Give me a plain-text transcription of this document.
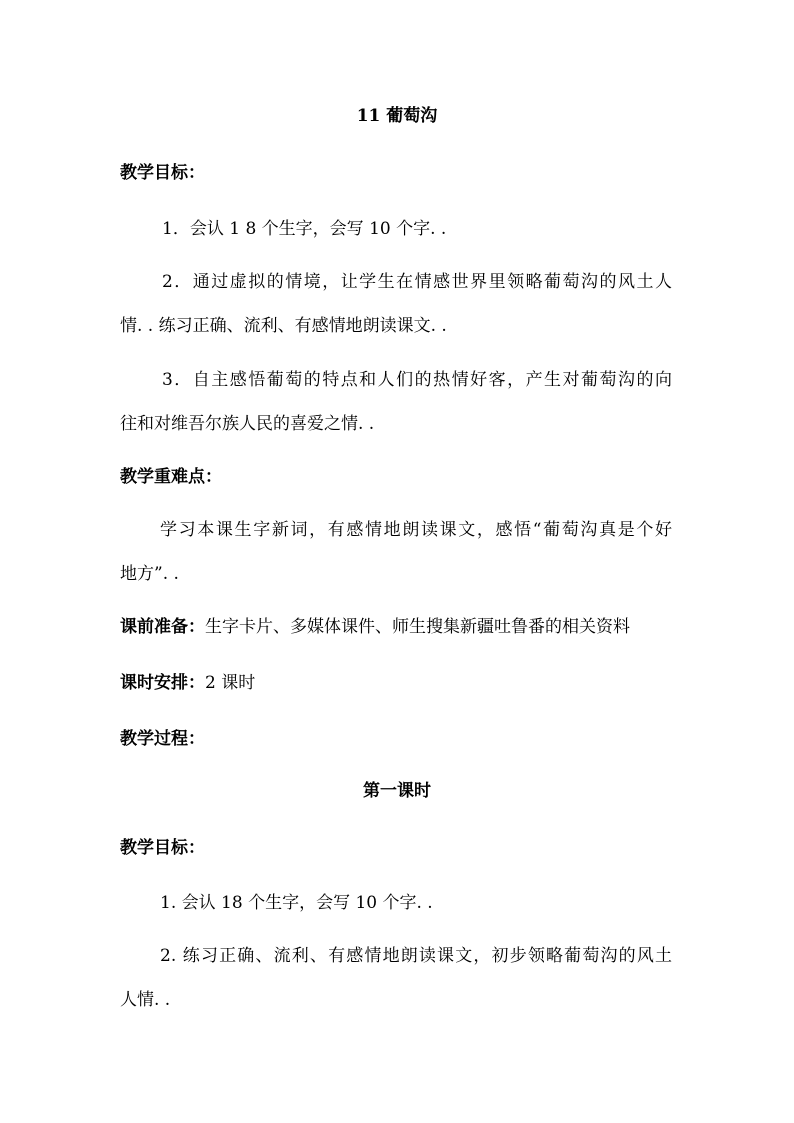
11 葡萄沟
教学目标：
1．会认 1 8 个生字，会写 10 个字. .
2．通过虚拟的情境，让学生在情感世界里领略葡萄沟的风土人
情. . 练习正确、流利、有感情地朗读课文. .
3．自主感悟葡萄的特点和人们的热情好客，产生对葡萄沟的向
往和对维吾尔族人民的喜爱之情. .
教学重难点：
学习本课生字新词，有感情地朗读课文，感悟“葡萄沟真是个好
地方”. .
课前准备：生字卡片、多媒体课件、师生搜集新疆吐鲁番的相关资料
课时安排：2 课时
教学过程：
第一课时
教学目标：
1. 会认 18 个生字，会写 10 个字. .
2. 练习正确、流利、有感情地朗读课文，初步领略葡萄沟的风土
人情. .
